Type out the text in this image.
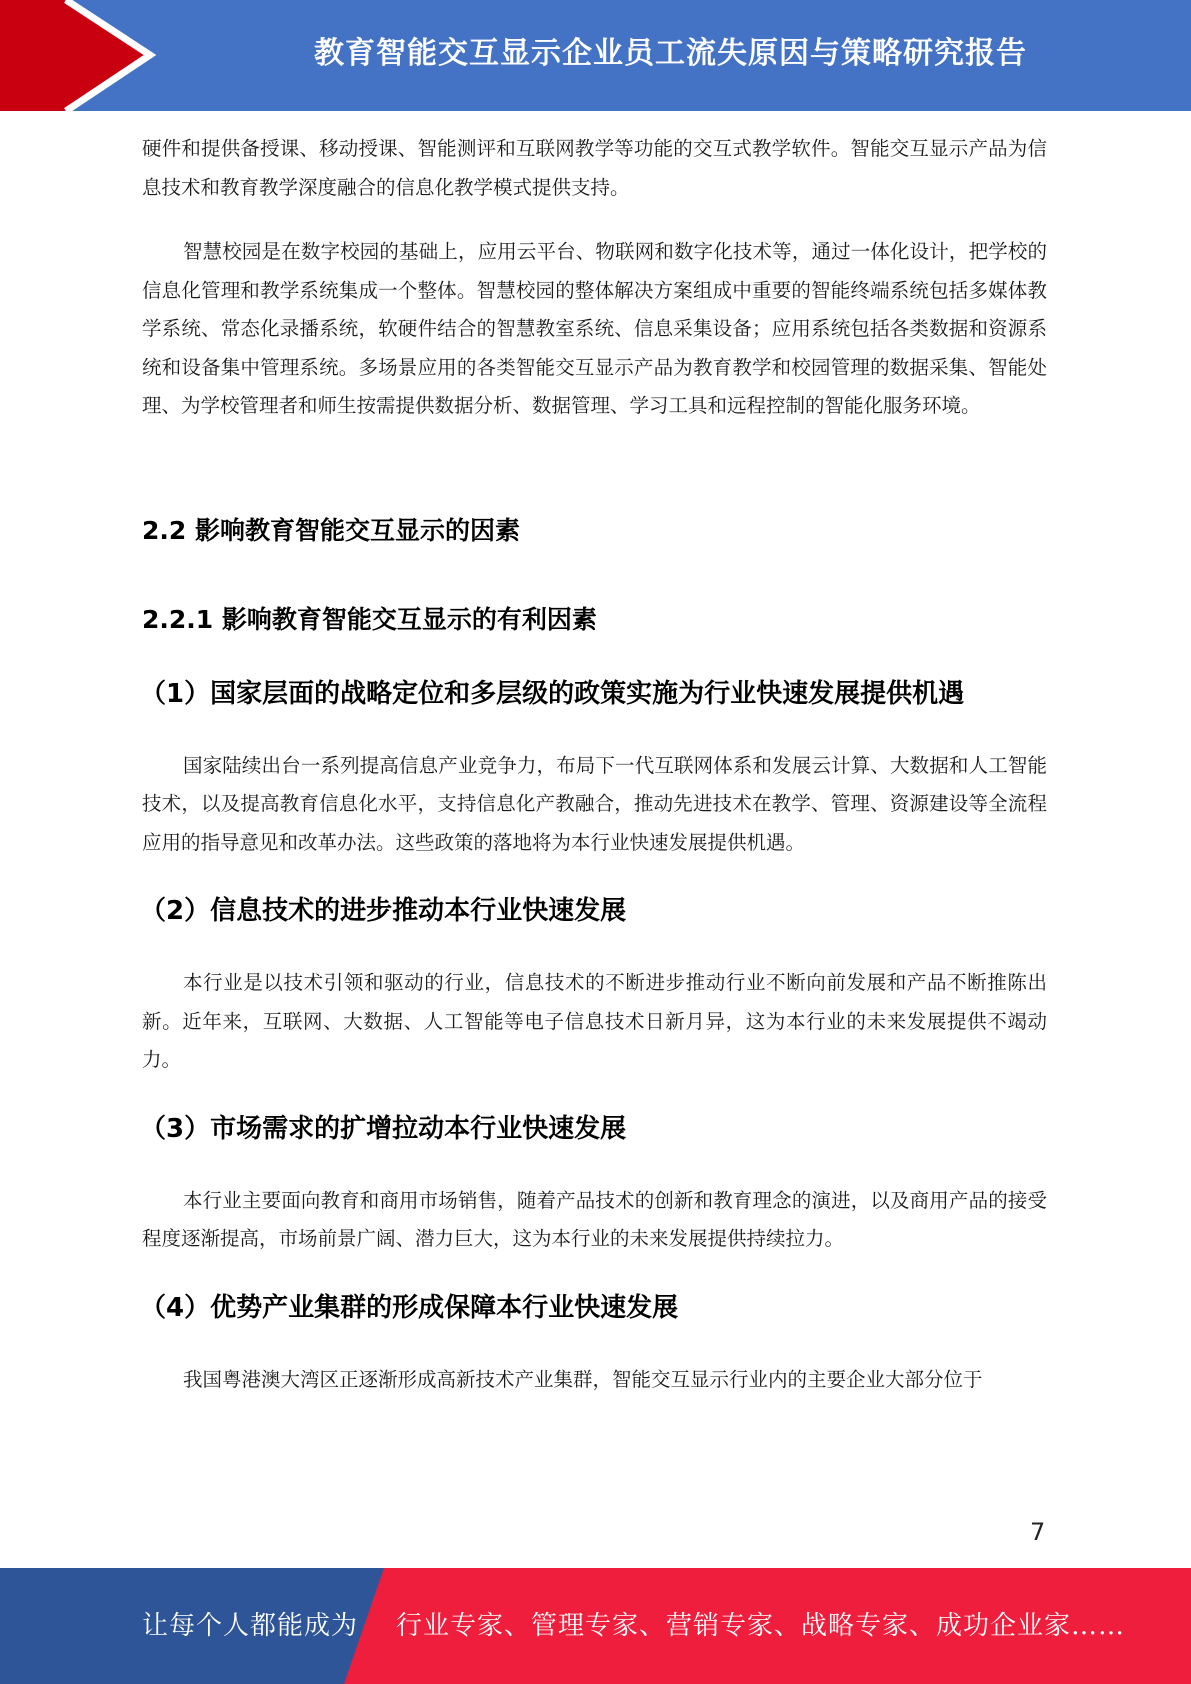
教育智能交互显示企业员工流失原因与策略研究报告

硬件和提供备授课、移动授课、智能测评和互联网教学等功能的交互式教学软件。智能交互显示产品为信息技术和教育教学深度融合的信息化教学模式提供支持。

智慧校园是在数字校园的基础上，应用云平台、物联网和数字化技术等，通过一体化设计，把学校的信息化管理和教学系统集成一个整体。智慧校园的整体解决方案组成中重要的智能终端系统包括多媒体教学系统、常态化录播系统，软硬件结合的智慧教室系统、信息采集设备；应用系统包括各类数据和资源系统和设备集中管理系统。多场景应用的各类智能交互显示产品为教育教学和校园管理的数据采集、智能处理、为学校管理者和师生按需提供数据分析、数据管理、学习工具和远程控制的智能化服务环境。

2.2 影响教育智能交互显示的因素
2.2.1 影响教育智能交互显示的有利因素
（1）国家层面的战略定位和多层级的政策实施为行业快速发展提供机遇

国家陆续出台一系列提高信息产业竞争力，布局下一代互联网体系和发展云计算、大数据和人工智能技术，以及提高教育信息化水平，支持信息化产教融合，推动先进技术在教学、管理、资源建设等全流程应用的指导意见和改革办法。这些政策的落地将为本行业快速发展提供机遇。

（2）信息技术的进步推动本行业快速发展

本行业是以技术引领和驱动的行业，信息技术的不断进步推动行业不断向前发展和产品不断推陈出新。近年来，互联网、大数据、人工智能等电子信息技术日新月异，这为本行业的未来发展提供不竭动力。

（3）市场需求的扩增拉动本行业快速发展

本行业主要面向教育和商用市场销售，随着产品技术的创新和教育理念的演进，以及商用产品的接受程度逐渐提高，市场前景广阔、潜力巨大，这为本行业的未来发展提供持续拉力。

（4）优势产业集群的形成保障本行业快速发展

我国粤港澳大湾区正逐渐形成高新技术产业集群，智能交互显示行业内的主要企业大部分位于

7
让每个人都能成为 行业专家、管理专家、营销专家、战略专家、成功企业家……
